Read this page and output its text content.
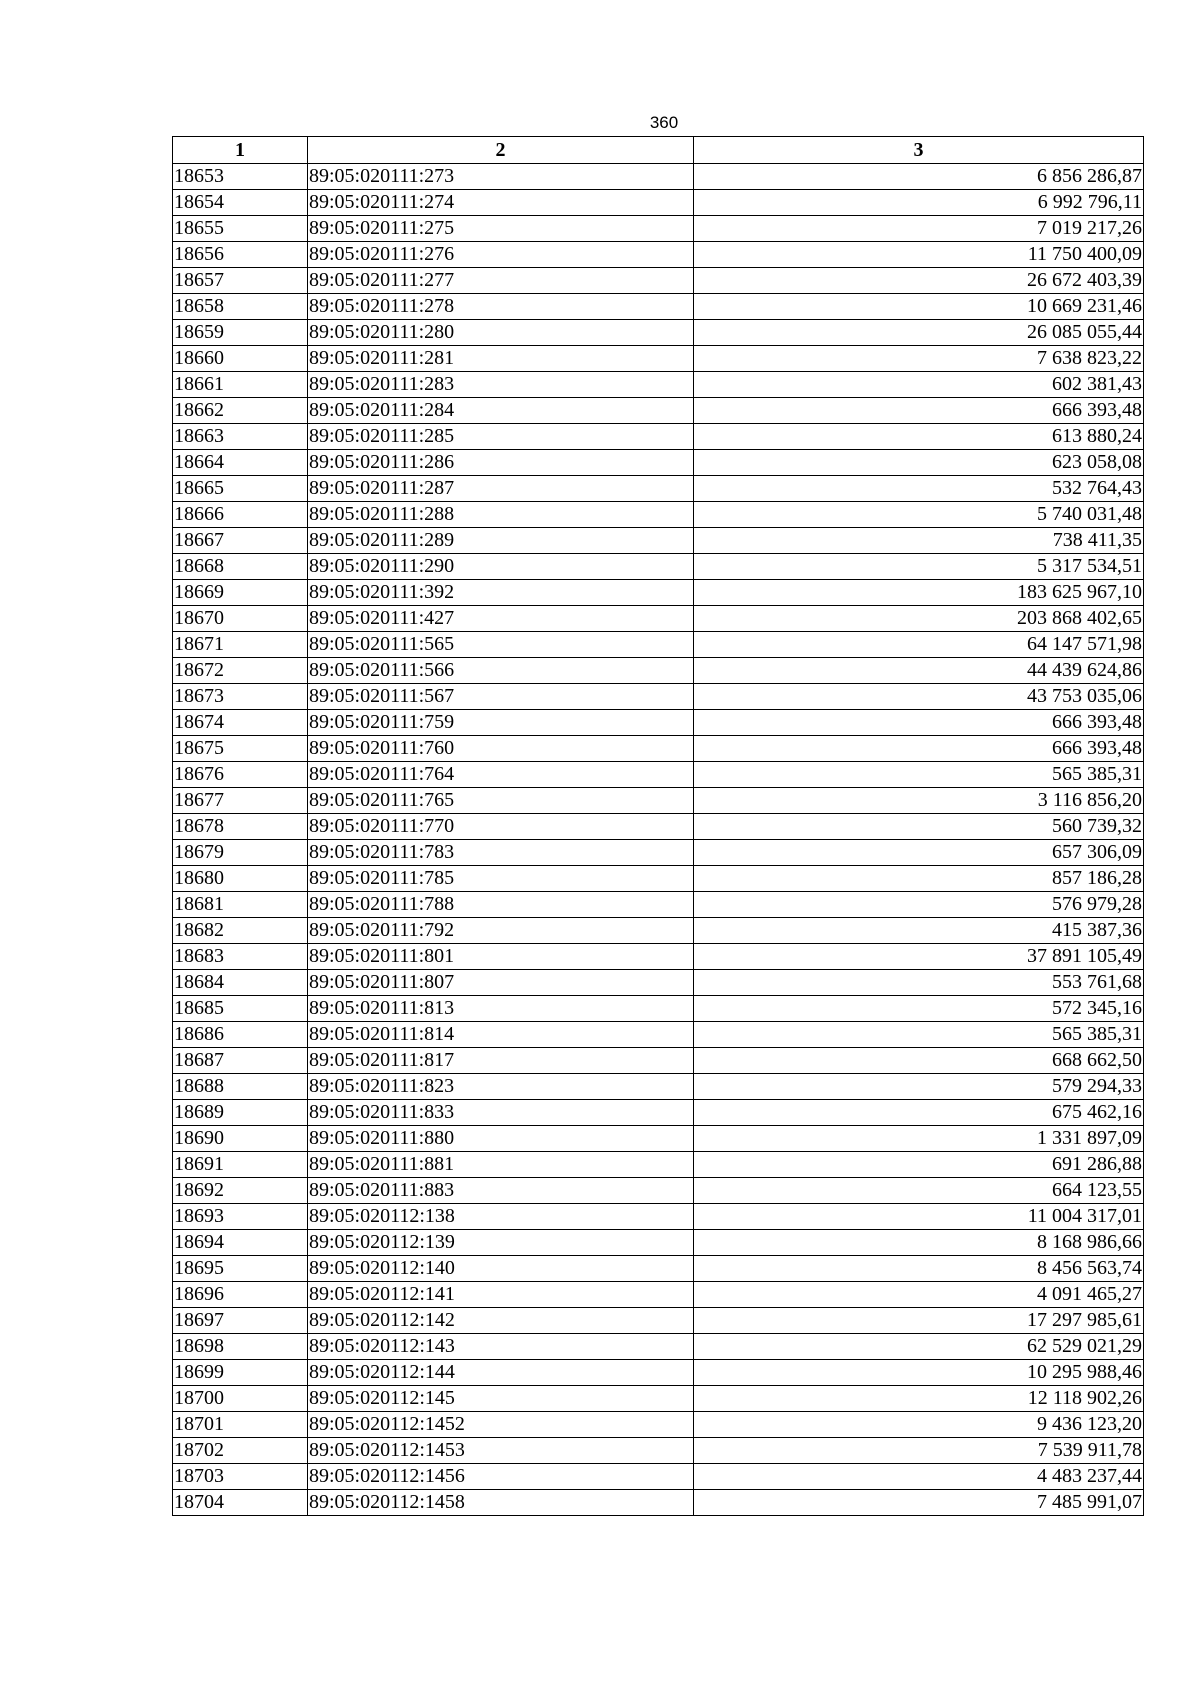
360
1	2	3
18653	89:05:020111:273	6 856 286,87
18654	89:05:020111:274	6 992 796,11
18655	89:05:020111:275	7 019 217,26
18656	89:05:020111:276	11 750 400,09
18657	89:05:020111:277	26 672 403,39
18658	89:05:020111:278	10 669 231,46
18659	89:05:020111:280	26 085 055,44
18660	89:05:020111:281	7 638 823,22
18661	89:05:020111:283	602 381,43
18662	89:05:020111:284	666 393,48
18663	89:05:020111:285	613 880,24
18664	89:05:020111:286	623 058,08
18665	89:05:020111:287	532 764,43
18666	89:05:020111:288	5 740 031,48
18667	89:05:020111:289	738 411,35
18668	89:05:020111:290	5 317 534,51
18669	89:05:020111:392	183 625 967,10
18670	89:05:020111:427	203 868 402,65
18671	89:05:020111:565	64 147 571,98
18672	89:05:020111:566	44 439 624,86
18673	89:05:020111:567	43 753 035,06
18674	89:05:020111:759	666 393,48
18675	89:05:020111:760	666 393,48
18676	89:05:020111:764	565 385,31
18677	89:05:020111:765	3 116 856,20
18678	89:05:020111:770	560 739,32
18679	89:05:020111:783	657 306,09
18680	89:05:020111:785	857 186,28
18681	89:05:020111:788	576 979,28
18682	89:05:020111:792	415 387,36
18683	89:05:020111:801	37 891 105,49
18684	89:05:020111:807	553 761,68
18685	89:05:020111:813	572 345,16
18686	89:05:020111:814	565 385,31
18687	89:05:020111:817	668 662,50
18688	89:05:020111:823	579 294,33
18689	89:05:020111:833	675 462,16
18690	89:05:020111:880	1 331 897,09
18691	89:05:020111:881	691 286,88
18692	89:05:020111:883	664 123,55
18693	89:05:020112:138	11 004 317,01
18694	89:05:020112:139	8 168 986,66
18695	89:05:020112:140	8 456 563,74
18696	89:05:020112:141	4 091 465,27
18697	89:05:020112:142	17 297 985,61
18698	89:05:020112:143	62 529 021,29
18699	89:05:020112:144	10 295 988,46
18700	89:05:020112:145	12 118 902,26
18701	89:05:020112:1452	9 436 123,20
18702	89:05:020112:1453	7 539 911,78
18703	89:05:020112:1456	4 483 237,44
18704	89:05:020112:1458	7 485 991,07
